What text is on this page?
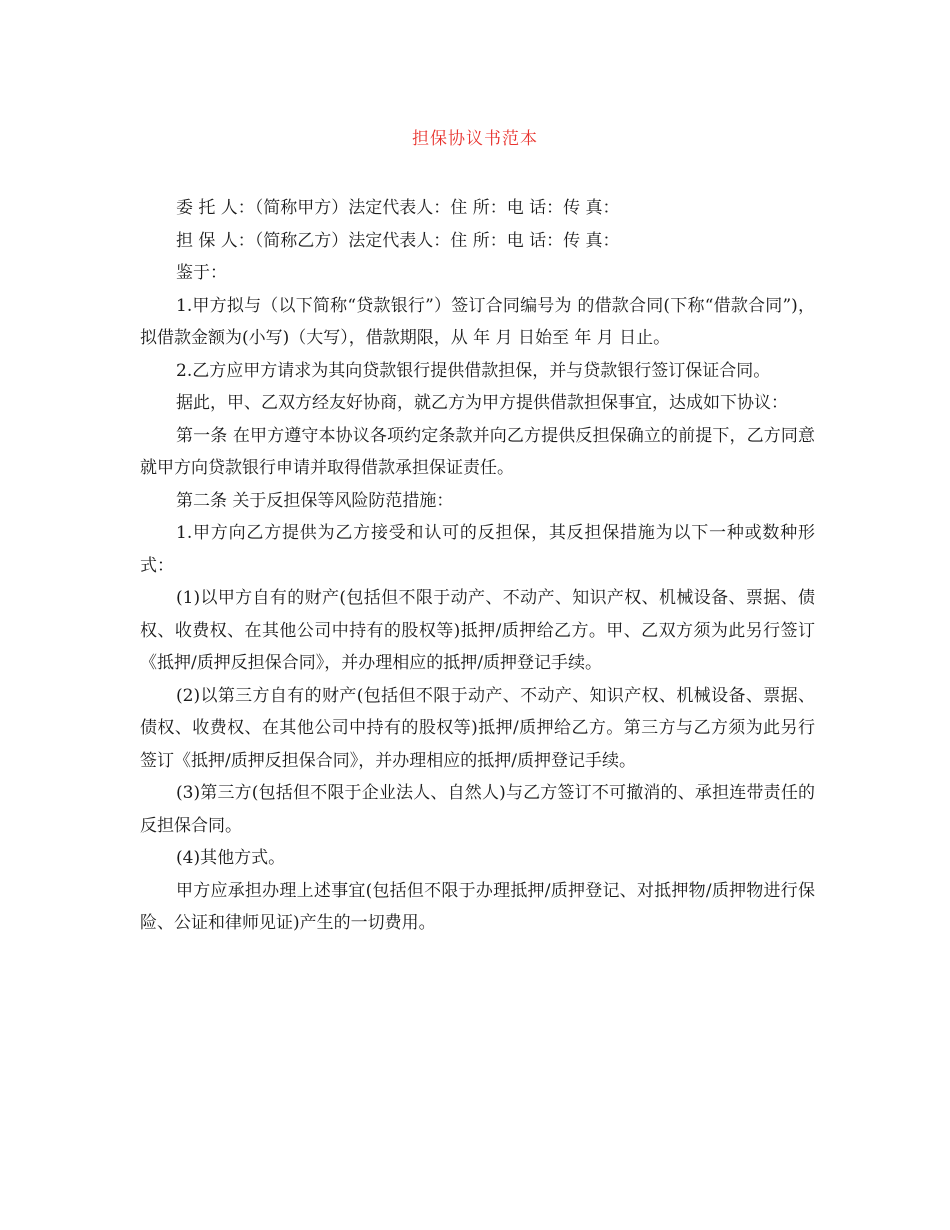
担保协议书范本

委 托 人：（简称甲方）法定代表人：住 所：电 话：传 真：

担 保 人：（简称乙方）法定代表人：住 所：电 话：传 真：

鉴于：

1.甲方拟与（以下简称“贷款银行”）签订合同编号为 的借款合同(下称“借款合同”)，拟借款金额为(小写)（大写），借款期限，从 年 月 日始至 年 月 日止。

2.乙方应甲方请求为其向贷款银行提供借款担保，并与贷款银行签订保证合同。

据此，甲、乙双方经友好协商，就乙方为甲方提供借款担保事宜，达成如下协议：

第一条 在甲方遵守本协议各项约定条款并向乙方提供反担保确立的前提下，乙方同意就甲方向贷款银行申请并取得借款承担保证责任。

第二条 关于反担保等风险防范措施：

1.甲方向乙方提供为乙方接受和认可的反担保，其反担保措施为以下一种或数种形式：

(1)以甲方自有的财产(包括但不限于动产、不动产、知识产权、机械设备、票据、债权、收费权、在其他公司中持有的股权等)抵押/质押给乙方。甲、乙双方须为此另行签订《抵押/质押反担保合同》，并办理相应的抵押/质押登记手续。

(2)以第三方自有的财产(包括但不限于动产、不动产、知识产权、机械设备、票据、债权、收费权、在其他公司中持有的股权等)抵押/质押给乙方。第三方与乙方须为此另行签订《抵押/质押反担保合同》，并办理相应的抵押/质押登记手续。

(3)第三方(包括但不限于企业法人、自然人)与乙方签订不可撤消的、承担连带责任的反担保合同。

(4)其他方式。

甲方应承担办理上述事宜(包括但不限于办理抵押/质押登记、对抵押物/质押物进行保险、公证和律师见证)产生的一切费用。
